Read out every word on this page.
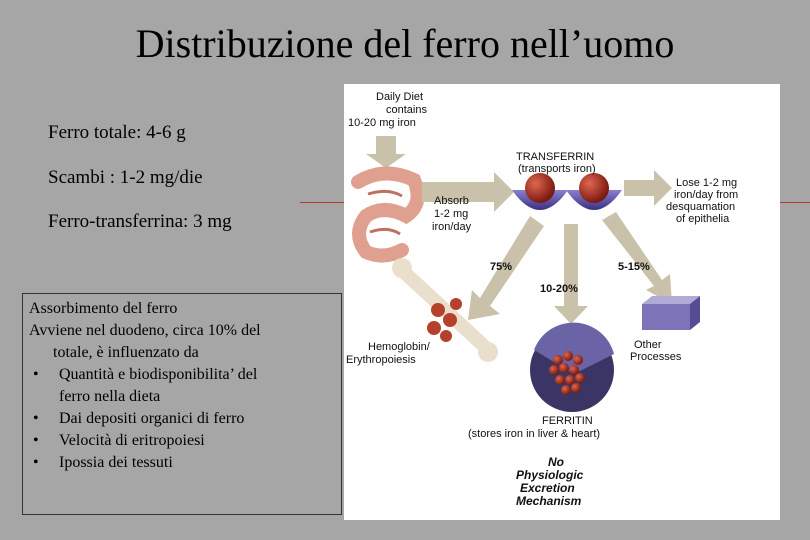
Distribuzione del ferro nell’uomo
Ferro totale: 4-6 g
Scambi : 1-2 mg/die
Ferro-transferrina: 3 mg
Assorbimento del ferro
Avviene nel duodeno, circa 10% del
totale, è influenzato da
• Quantità e biodisponibilita’ del
ferro nella dieta
• Dai depositi organici di ferro
• Velocità di eritropoiesi
• Ipossia dei tessuti
Daily Diet
contains
10-20 mg iron
TRANSFERRIN
(transports iron)
Absorb
1-2 mg
iron/day
Lose 1-2 mg
iron/day from
desquamation
of epithelia
75%
10-20%
5-15%
Hemoglobin/
Erythropoiesis
Other
Processes
FERRITIN
(stores iron in liver & heart)
No
Physiologic
Excretion
Mechanism
